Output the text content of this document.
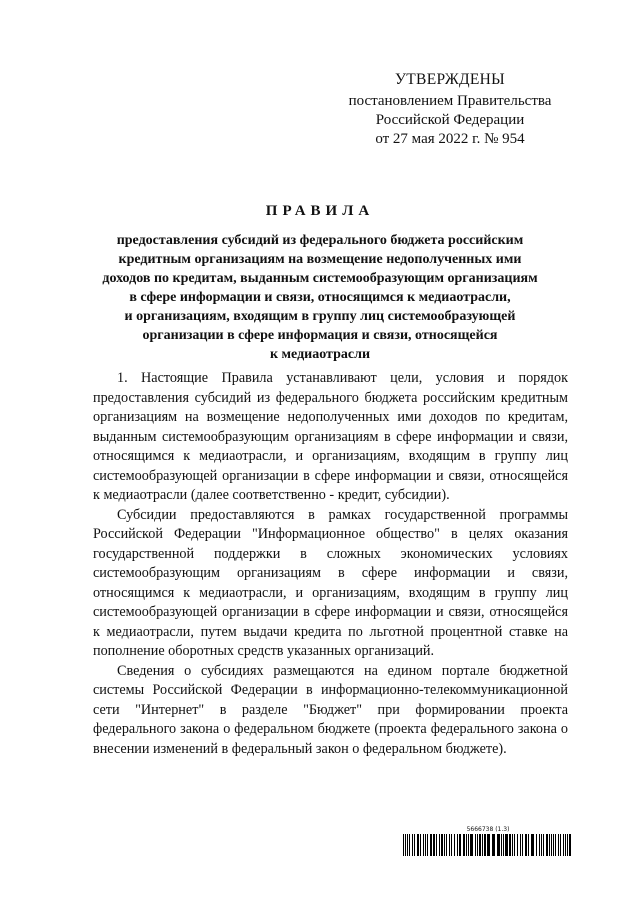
УТВЕРЖДЕНЫ
постановлением Правительства
Российской Федерации
от 27 мая 2022 г. № 954
ПРАВИЛА
предоставления субсидий из федерального бюджета российским
кредитным организациям на возмещение недополученных ими
доходов по кредитам, выданным системообразующим организациям
в сфере информации и связи, относящимся к медиаотрасли,
и организациям, входящим в группу лиц системообразующей
организации в сфере информация и связи, относящейся
к медиаотрасли

1. Настоящие Правила устанавливают цели, условия и порядок предоставления субсидий из федерального бюджета российским кредитным организациям на возмещение недополученных ими доходов по кредитам, выданным системообразующим организациям в сфере информации и связи, относящимся к медиаотрасли, и организациям, входящим в группу лиц системообразующей организации в сфере информации и связи, относящейся к медиаотрасли (далее соответственно - кредит, субсидии).

Субсидии предоставляются в рамках государственной программы Российской Федерации "Информационное общество" в целях оказания государственной поддержки в сложных экономических условиях системообразующим организациям в сфере информации и связи, относящимся к медиаотрасли, и организациям, входящим в группу лиц системообразующей организации в сфере информации и связи, относящейся к медиаотрасли, путем выдачи кредита по льготной процентной ставке на пополнение оборотных средств указанных организаций.

Сведения о субсидиях размещаются на едином портале бюджетной системы Российской Федерации в информационно-телекоммуникационной сети "Интернет" в разделе "Бюджет" при формировании проекта федерального закона о федеральном бюджете (проекта федерального закона о внесении изменений в федеральный закон о федеральном бюджете).

5666738 (1.3)
